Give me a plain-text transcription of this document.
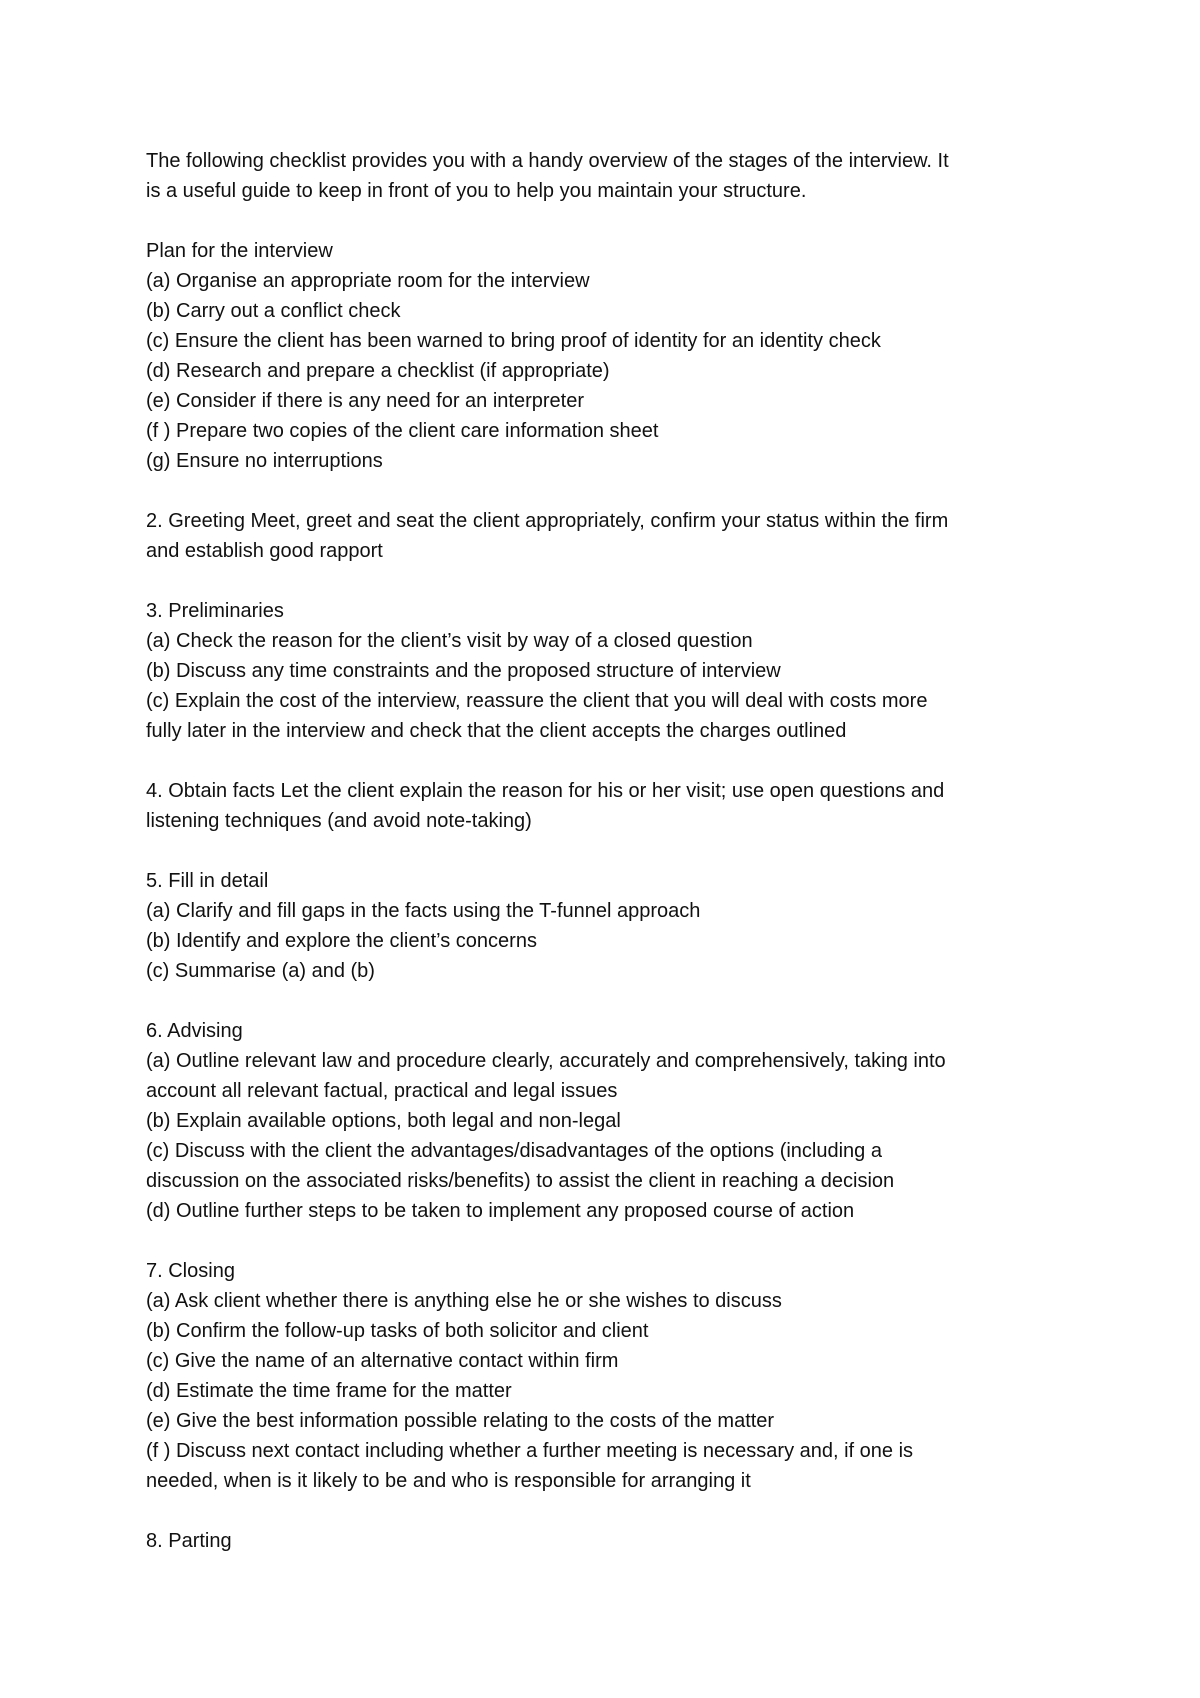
The following checklist provides you with a handy overview of the stages of the interview. It
is a useful guide to keep in front of you to help you maintain your structure.
Plan for the interview
(a) Organise an appropriate room for the interview
(b) Carry out a conflict check
(c) Ensure the client has been warned to bring proof of identity for an identity check
(d) Research and prepare a checklist (if appropriate)
(e) Consider if there is any need for an interpreter
(f ) Prepare two copies of the client care information sheet
(g) Ensure no interruptions
2. Greeting Meet, greet and seat the client appropriately, confirm your status within the firm
and establish good rapport
3. Preliminaries
(a) Check the reason for the client’s visit by way of a closed question
(b) Discuss any time constraints and the proposed structure of interview
(c) Explain the cost of the interview, reassure the client that you will deal with costs more
fully later in the interview and check that the client accepts the charges outlined
4. Obtain facts Let the client explain the reason for his or her visit; use open questions and
listening techniques (and avoid note-taking)
5. Fill in detail
(a) Clarify and fill gaps in the facts using the T-funnel approach
(b) Identify and explore the client’s concerns
(c) Summarise (a) and (b)
6. Advising
(a) Outline relevant law and procedure clearly, accurately and comprehensively, taking into
account all relevant factual, practical and legal issues
(b) Explain available options, both legal and non-legal
(c) Discuss with the client the advantages/disadvantages of the options (including a
discussion on the associated risks/benefits) to assist the client in reaching a decision
(d) Outline further steps to be taken to implement any proposed course of action
7. Closing
(a) Ask client whether there is anything else he or she wishes to discuss
(b) Confirm the follow-up tasks of both solicitor and client
(c) Give the name of an alternative contact within firm
(d) Estimate the time frame for the matter
(e) Give the best information possible relating to the costs of the matter
(f ) Discuss next contact including whether a further meeting is necessary and, if one is
needed, when is it likely to be and who is responsible for arranging it
8. Parting
